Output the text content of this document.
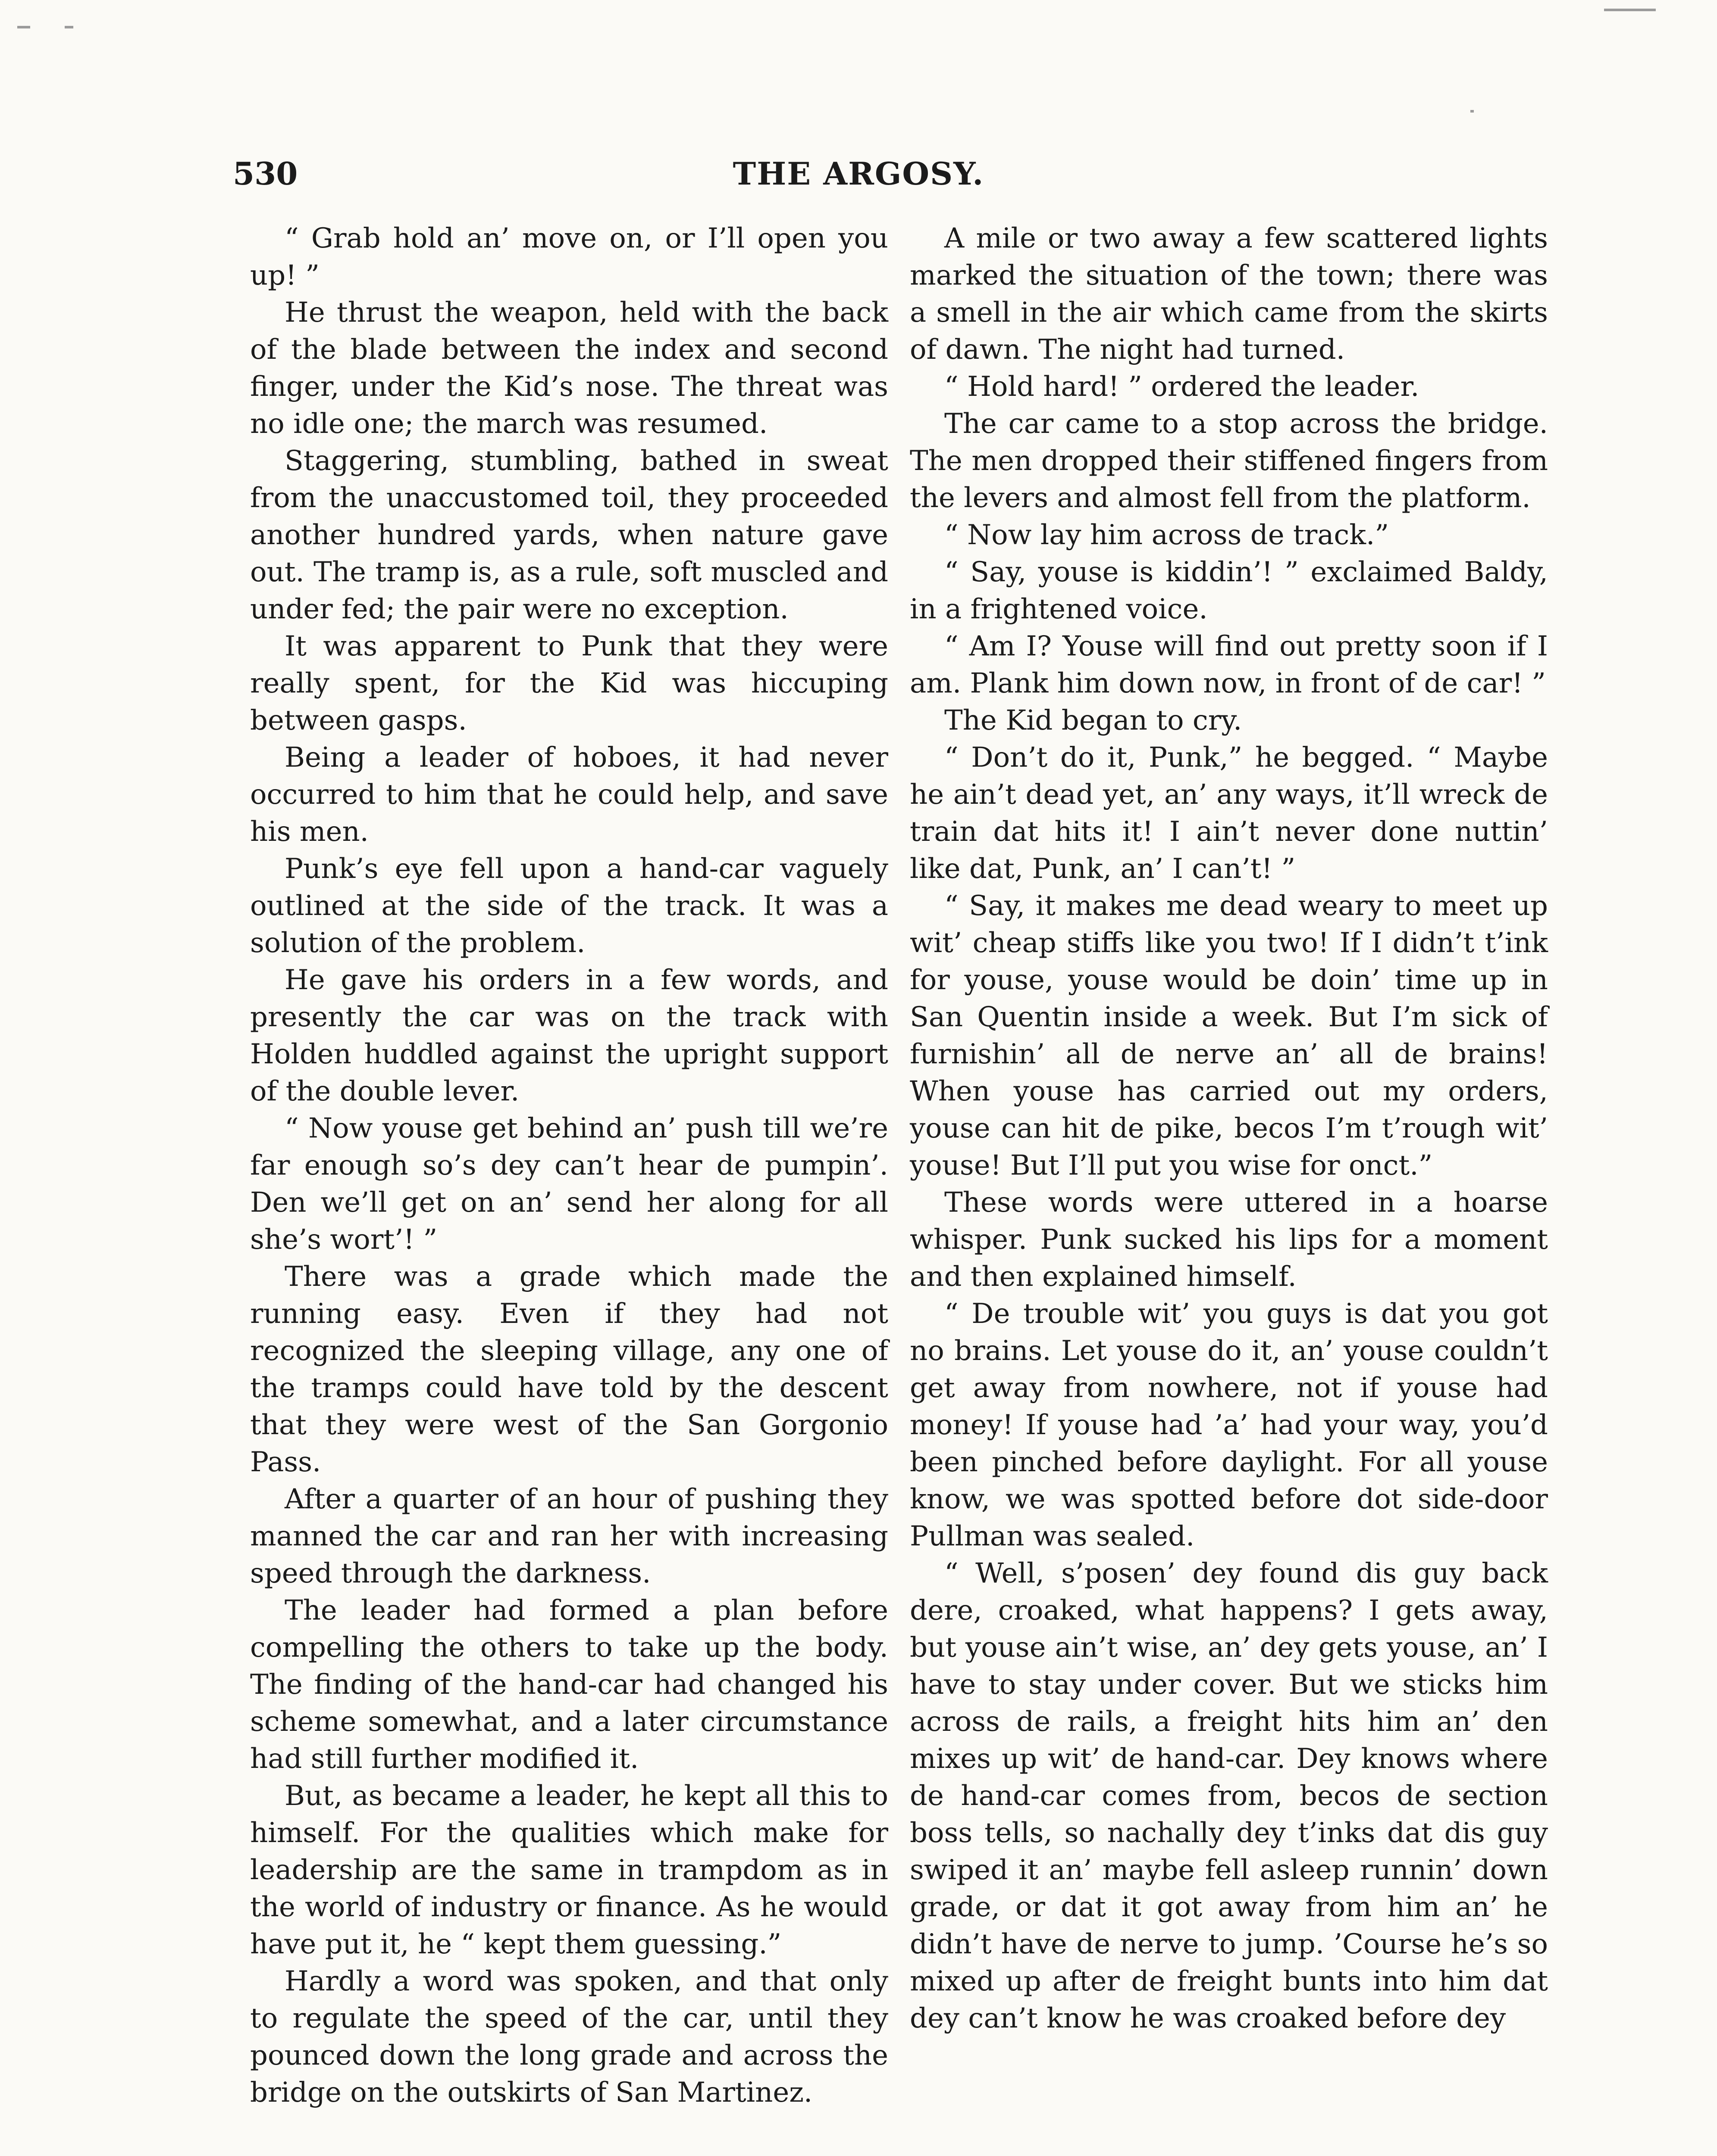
530	THE ARGOSY.

“ Grab hold an’ move on, or I’ll open you up! ”

He thrust the weapon, held with the back of the blade between the index and second finger, under the Kid’s nose. The threat was no idle one; the march was resumed.

Staggering, stumbling, bathed in sweat from the unaccustomed toil, they proceeded another hundred yards, when nature gave out. The tramp is, as a rule, soft muscled and under fed; the pair were no exception.

It was apparent to Punk that they were really spent, for the Kid was hiccuping between gasps.

Being a leader of hoboes, it had never occurred to him that he could help, and save his men.

Punk’s eye fell upon a hand-car vaguely outlined at the side of the track. It was a solution of the problem.

He gave his orders in a few words, and presently the car was on the track with Holden huddled against the upright support of the double lever.

“ Now youse get behind an’ push till we’re far enough so’s dey can’t hear de pumpin’. Den we’ll get on an’ send her along for all she’s wort’! ”

There was a grade which made the running easy. Even if they had not recognized the sleeping village, any one of the tramps could have told by the descent that they were west of the San Gorgonio Pass.

After a quarter of an hour of pushing they manned the car and ran her with increasing speed through the darkness.

The leader had formed a plan before compelling the others to take up the body. The finding of the hand-car had changed his scheme somewhat, and a later circumstance had still further modified it.

But, as became a leader, he kept all this to himself. For the qualities which make for leadership are the same in trampdom as in the world of industry or finance. As he would have put it, he “ kept them guessing.”

Hardly a word was spoken, and that only to regulate the speed of the car, until they pounced down the long grade and across the bridge on the outskirts of San Martinez.

A mile or two away a few scattered lights marked the situation of the town; there was a smell in the air which came from the skirts of dawn. The night had turned.

“ Hold hard! ” ordered the leader.

The car came to a stop across the bridge. The men dropped their stiffened fingers from the levers and almost fell from the platform.

“ Now lay him across de track.”

“ Say, youse is kiddin’! ” exclaimed Baldy, in a frightened voice.

“ Am I? Youse will find out pretty soon if I am. Plank him down now, in front of de car! ”

The Kid began to cry.

“ Don’t do it, Punk,” he begged. “ Maybe he ain’t dead yet, an’ any ways, it’ll wreck de train dat hits it! I ain’t never done nuttin’ like dat, Punk, an’ I can’t! ”

“ Say, it makes me dead weary to meet up wit’ cheap stiffs like you two! If I didn’t t’ink for youse, youse would be doin’ time up in San Quentin inside a week. But I’m sick of furnishin’ all de nerve an’ all de brains! When youse has carried out my orders, youse can hit de pike, becos I’m t’rough wit’ youse! But I’ll put you wise for onct.”

These words were uttered in a hoarse whisper. Punk sucked his lips for a moment and then explained himself.

“ De trouble wit’ you guys is dat you got no brains. Let youse do it, an’ youse couldn’t get away from nowhere, not if youse had money! If youse had ’a’ had your way, you’d been pinched before daylight. For all youse know, we was spotted before dot side-door Pullman was sealed.

“ Well, s’posen’ dey found dis guy back dere, croaked, what happens? I gets away, but youse ain’t wise, an’ dey gets youse, an’ I have to stay under cover. But we sticks him across de rails, a freight hits him an’ den mixes up wit’ de hand-car. Dey knows where de hand-car comes from, becos de section boss tells, so nachally dey t’inks dat dis guy swiped it an’ maybe fell asleep runnin’ down grade, or dat it got away from him an’ he didn’t have de nerve to jump. ’Course he’s so mixed up after de freight bunts into him dat dey can’t know he was croaked before dey
